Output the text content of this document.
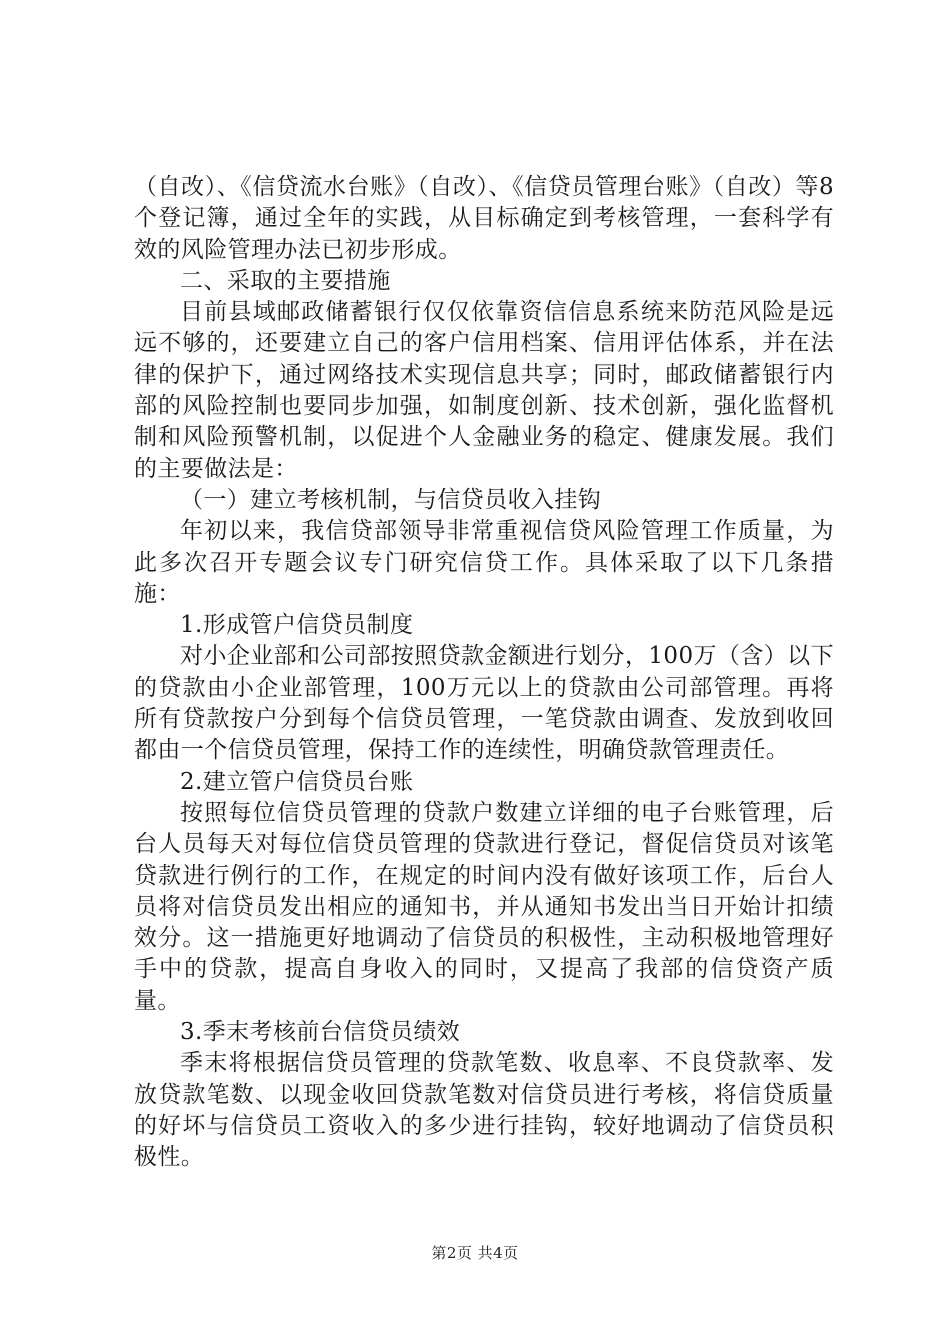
（自改）、《信贷流水台账》（自改）、《信贷员管理台账》（自改）等8个登记簿，通过全年的实践，从目标确定到考核管理，一套科学有效的风险管理办法已初步形成。

二、采取的主要措施

目前县域邮政储蓄银行仅仅依靠资信信息系统来防范风险是远远不够的，还要建立自己的客户信用档案、信用评估体系，并在法律的保护下，通过网络技术实现信息共享；同时，邮政储蓄银行内部的风险控制也要同步加强，如制度创新、技术创新，强化监督机制和风险预警机制，以促进个人金融业务的稳定、健康发展。我们的主要做法是：

（一）建立考核机制，与信贷员收入挂钩

年初以来，我信贷部领导非常重视信贷风险管理工作质量，为此多次召开专题会议专门研究信贷工作。具体采取了以下几条措施：

1.形成管户信贷员制度

对小企业部和公司部按照贷款金额进行划分，100万（含）以下的贷款由小企业部管理，100万元以上的贷款由公司部管理。再将所有贷款按户分到每个信贷员管理，一笔贷款由调查、发放到收回都由一个信贷员管理，保持工作的连续性，明确贷款管理责任。

2.建立管户信贷员台账

按照每位信贷员管理的贷款户数建立详细的电子台账管理，后台人员每天对每位信贷员管理的贷款进行登记，督促信贷员对该笔贷款进行例行的工作，在规定的时间内没有做好该项工作，后台人员将对信贷员发出相应的通知书，并从通知书发出当日开始计扣绩效分。这一措施更好地调动了信贷员的积极性，主动积极地管理好手中的贷款，提高自身收入的同时，又提高了我部的信贷资产质量。

3.季末考核前台信贷员绩效

季末将根据信贷员管理的贷款笔数、收息率、不良贷款率、发放贷款笔数、以现金收回贷款笔数对信贷员进行考核，将信贷质量的好坏与信贷员工资收入的多少进行挂钩，较好地调动了信贷员积极性。

第2页 共4页
